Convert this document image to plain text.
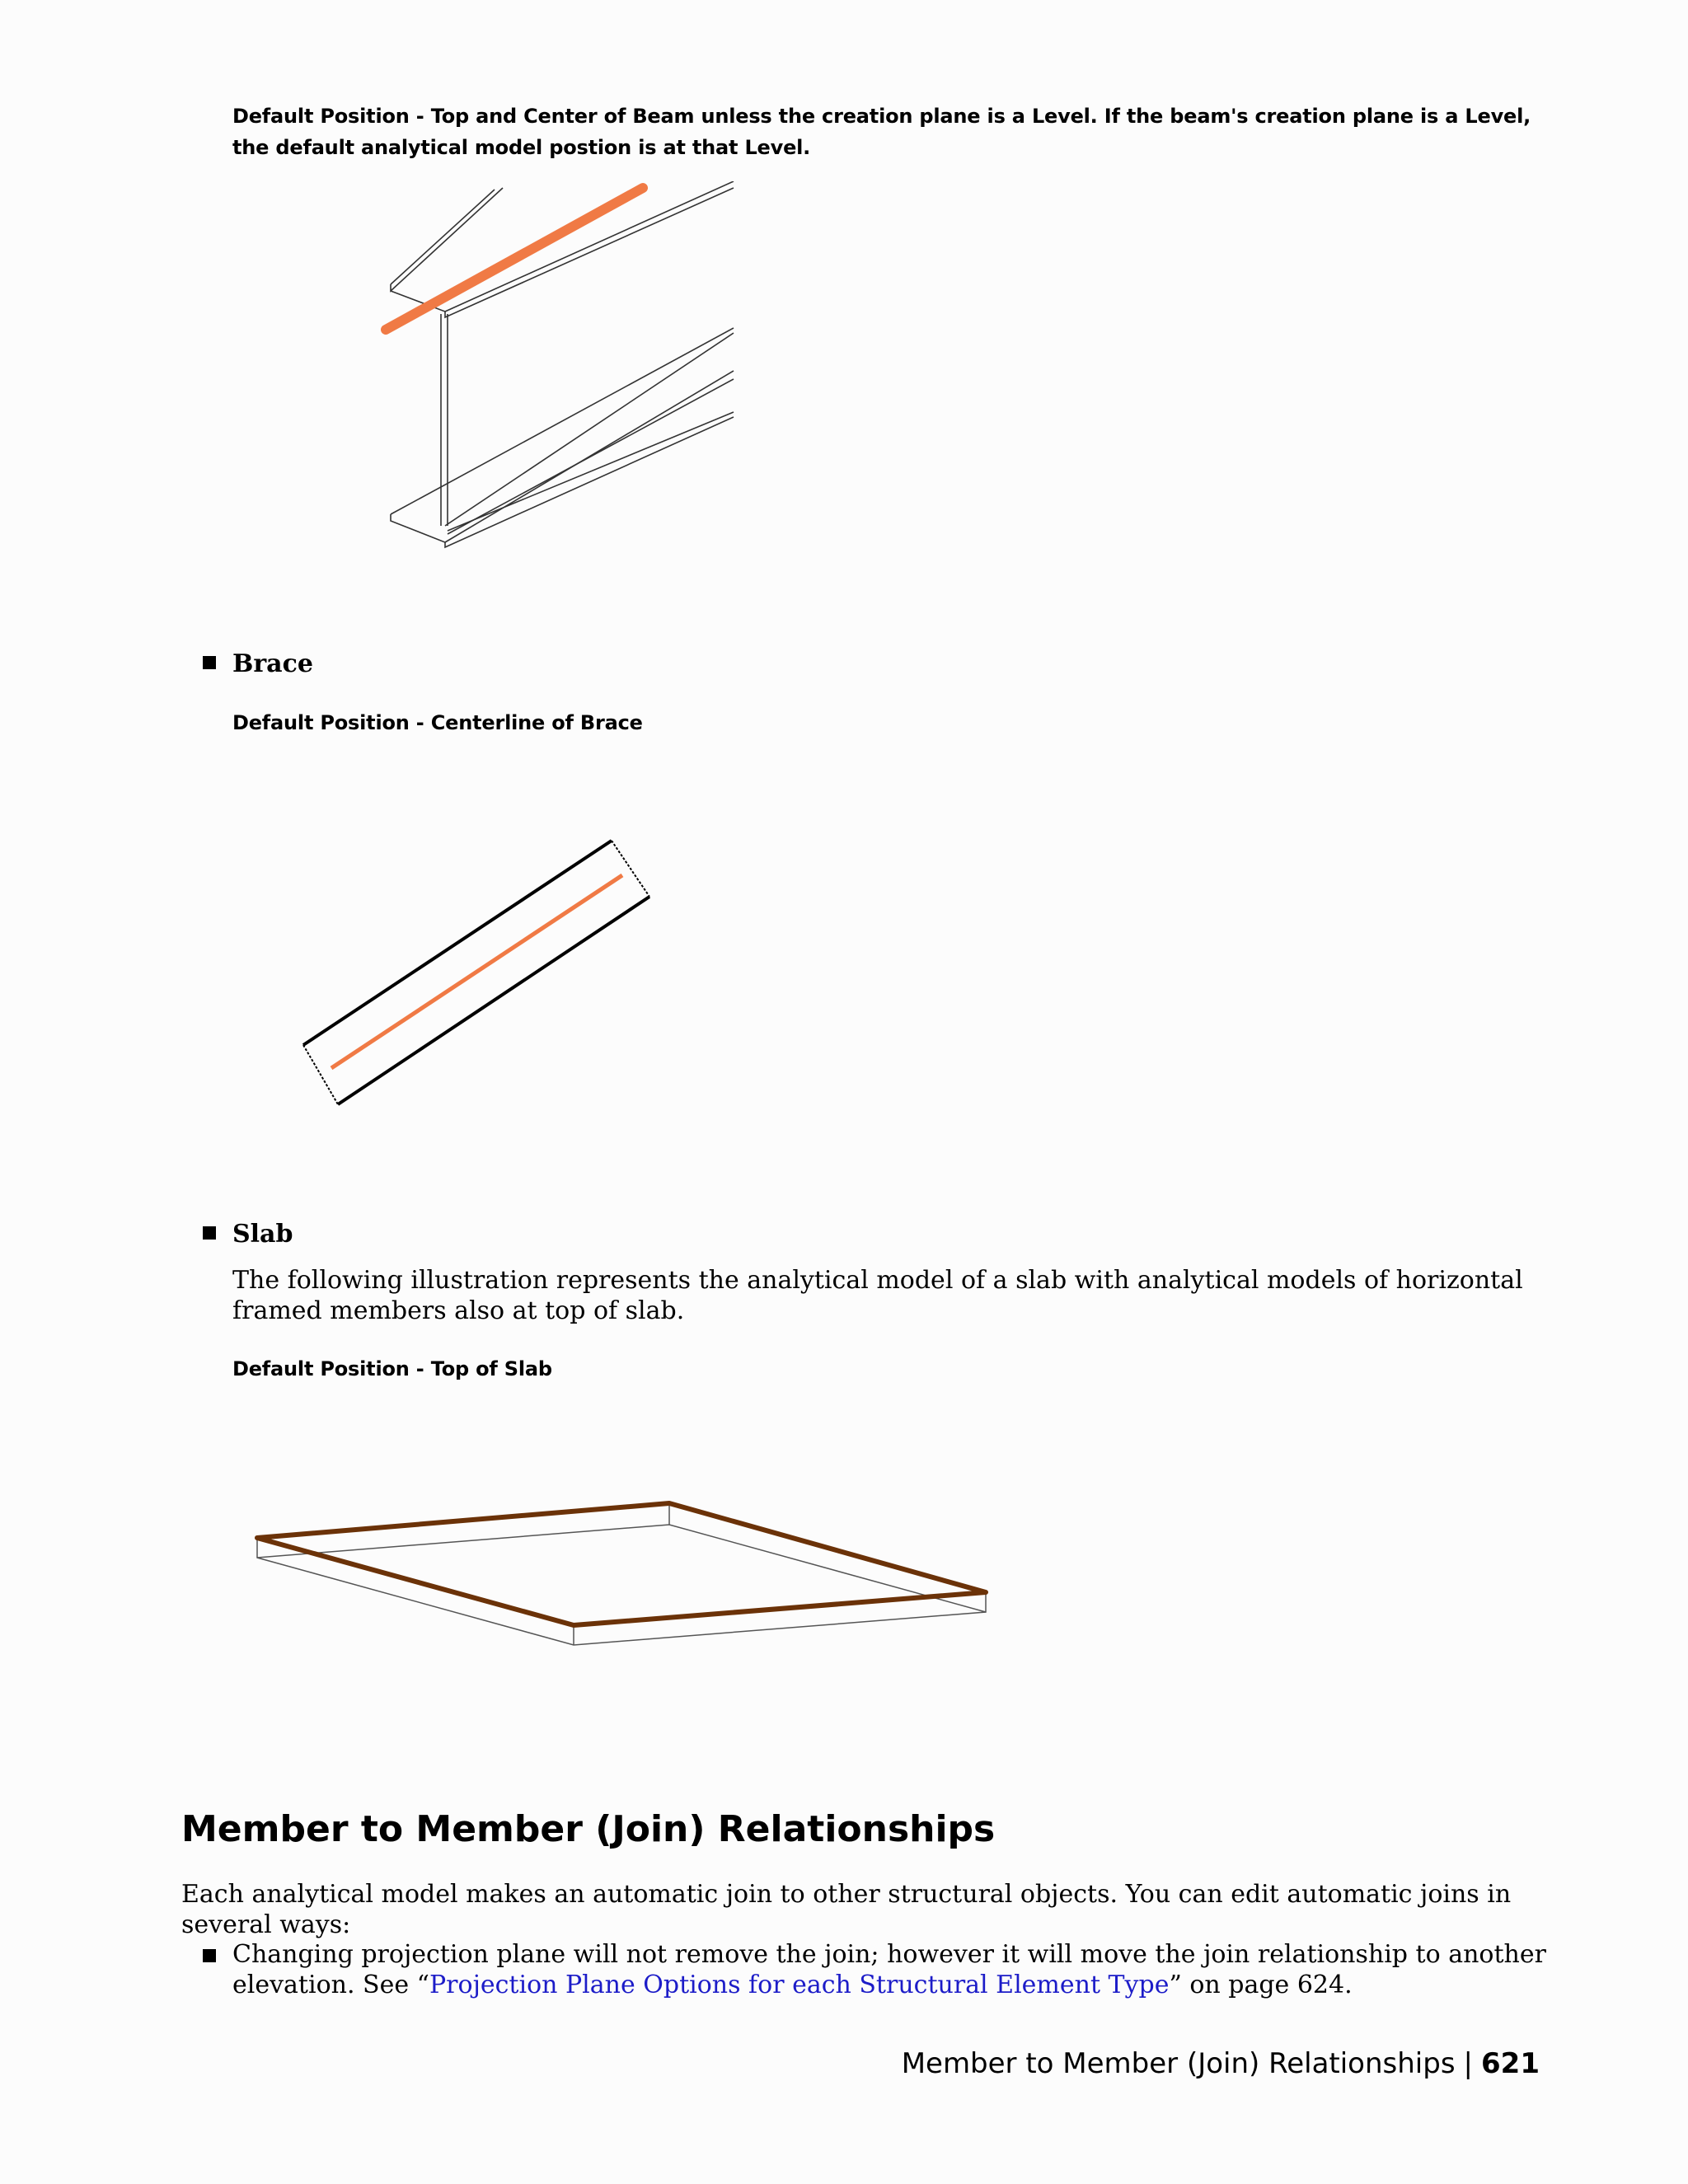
Default Position - Top and Center of Beam unless the creation plane is a Level. If the beam's creation plane is a Level, the default analytical model postion is at that Level.
Brace
Default Position - Centerline of Brace
Slab
The following illustration represents the analytical model of a slab with analytical models of horizontal framed members also at top of slab.
Default Position - Top of Slab
Member to Member (Join) Relationships
Each analytical model makes an automatic join to other structural objects. You can edit automatic joins in several ways:
Changing projection plane will not remove the join; however it will move the join relationship to another elevation. See “Projection Plane Options for each Structural Element Type” on page 624.
Member to Member (Join) Relationships | 621
